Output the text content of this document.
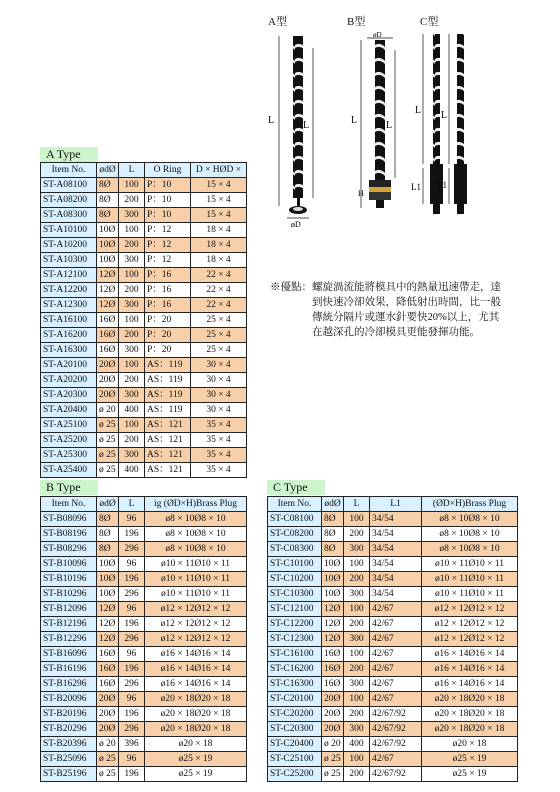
A型	B型	C型
L	L
øD
L	L
H
øD
L L
L1 L1
※優點： 螺旋渦流能將模具中的熱量迅速帶走，達到快速冷卻效果，降低射出時間，比一般傳統分隔片或運水針要快20%以上，尤其在越深孔的冷卻模具更能發揮功能。
A Type
Item No.	ødØ	L	O Ring	D × HØD ×
ST-A08100	8Ø	100	P：10	15 × 4
ST-A08200	8Ø	200	P：10	15 × 4
ST-A08300	8Ø	300	P：10	15 × 4
ST-A10100	10Ø	100	P：12	18 × 4
ST-A10200	10Ø	200	P：12	18 × 4
ST-A10300	10Ø	300	P：12	18 × 4
ST-A12100	12Ø	100	P：16	22 × 4
ST-A12200	12Ø	200	P：16	22 × 4
ST-A12300	12Ø	300	P：16	22 × 4
ST-A16100	16Ø	100	P：20	25 × 4
ST-A16200	16Ø	200	P：20	25 × 4
ST-A16300	16Ø	300	P：20	25 × 4
ST-A20100	20Ø	100	AS：119	30 × 4
ST-A20200	20Ø	200	AS：119	30 × 4
ST-A20300	20Ø	300	AS：119	30 × 4
ST-A20400	ø 20	400	AS：119	30 × 4
ST-A25100	ø 25	100	AS：121	35 × 4
ST-A25200	ø 25	200	AS：121	35 × 4
ST-A25300	ø 25	300	AS：121	35 × 4
ST-A25400	ø 25	400	AS：121	35 × 4
B Type
Item No.	ødØ	L	ig (ØD×H)Brass Plug
ST-B08096	8Ø	96	ø8 × 10Ø8 × 10
ST-B08196	8Ø	196	ø8 × 10Ø8 × 10
ST-B08296	8Ø	296	ø8 × 10Ø8 × 10
ST-B10096	10Ø	96	ø10 × 11Ø10 × 11
ST-B10196	10Ø	196	ø10 × 11Ø10 × 11
ST-B10296	10Ø	296	ø10 × 11Ø10 × 11
ST-B12096	12Ø	96	ø12 × 12Ø12 × 12
ST-B12196	12Ø	196	ø12 × 12Ø12 × 12
ST-B12296	12Ø	296	ø12 × 12Ø12 × 12
ST-B16096	16Ø	96	ø16 × 14Ø16 × 14
ST-B16196	16Ø	196	ø16 × 14Ø16 × 14
ST-B16296	16Ø	296	ø16 × 14Ø16 × 14
ST-B20096	20Ø	96	ø20 × 18Ø20 × 18
ST-B20196	20Ø	196	ø20 × 18Ø20 × 18
ST-B20296	20Ø	296	ø20 × 18Ø20 × 18
ST-B20396	ø 20	396	ø20 × 18
ST-B25096	ø 25	96	ø25 × 19
ST-B25196	ø 25	196	ø25 × 19
C Type
Item No.	ødØ	L	L1	(ØD×H)Brass Plug
ST-C08100	8Ø	100	34/54	ø8 × 10Ø8 × 10
ST-C08200	8Ø	200	34/54	ø8 × 10Ø8 × 10
ST-C08300	8Ø	300	34/54	ø8 × 10Ø8 × 10
ST-C10100	10Ø	100	34/54	ø10 × 11Ø10 × 11
ST-C10200	10Ø	200	34/54	ø10 × 11Ø10 × 11
ST-C10300	10Ø	300	34/54	ø10 × 11Ø10 × 11
ST-C12100	12Ø	100	42/67	ø12 × 12Ø12 × 12
ST-C12200	12Ø	200	42/67	ø12 × 12Ø12 × 12
ST-C12300	12Ø	300	42/67	ø12 × 12Ø12 × 12
ST-C16100	16Ø	100	42/67	ø16 × 14Ø16 × 14
ST-C16200	16Ø	200	42/67	ø16 × 14Ø16 × 14
ST-C16300	16Ø	300	42/67	ø16 × 14Ø16 × 14
ST-C20100	20Ø	100	42/67	ø20 × 18Ø20 × 18
ST-C20200	20Ø	200	42/67/92	ø20 × 18Ø20 × 18
ST-C20300	20Ø	300	42/67/92	ø20 × 18Ø20 × 18
ST-C20400	ø 20	400	42/67/92	ø20 × 18
ST-C25100	ø 25	100	42/67	ø25 × 19
ST-C25200	ø 25	200	42/67/92	ø25 × 19
